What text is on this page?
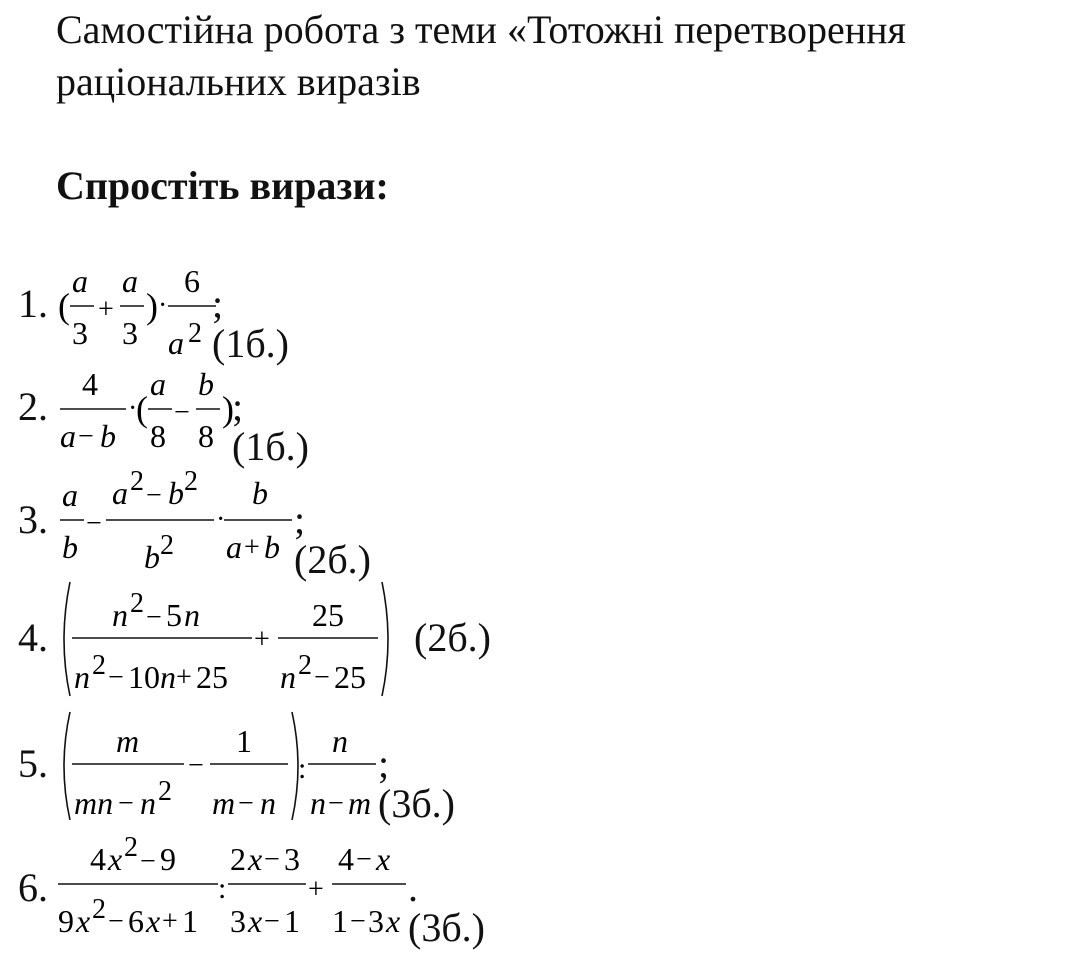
Самостійна робота з теми «Тотожні перетворення
раціональних виразів
Спростіть вирази:
1. (
a
3
+
a
3
) ·
6
a 2
; (1б.)
2. 4
a − b
·
(
a
8
−
b
8
)
; (1б.)
3.
a
b
−
a 2 − b 2
b 2
·
b
a + b
; (2б.)
4. n 2 − 5 n
n 2 − 10 n + 25
+
25
n 2 − 25
(2б.)
5. m
mn − n 2
−
1
m − n
:
n
n − m
;(3б.)
6.
4 x 2 − 9
9 x 2 − 6 x + 1
:
2 x − 3
3 x − 1
+
4 − x
1 − 3 x
.(3б.)
